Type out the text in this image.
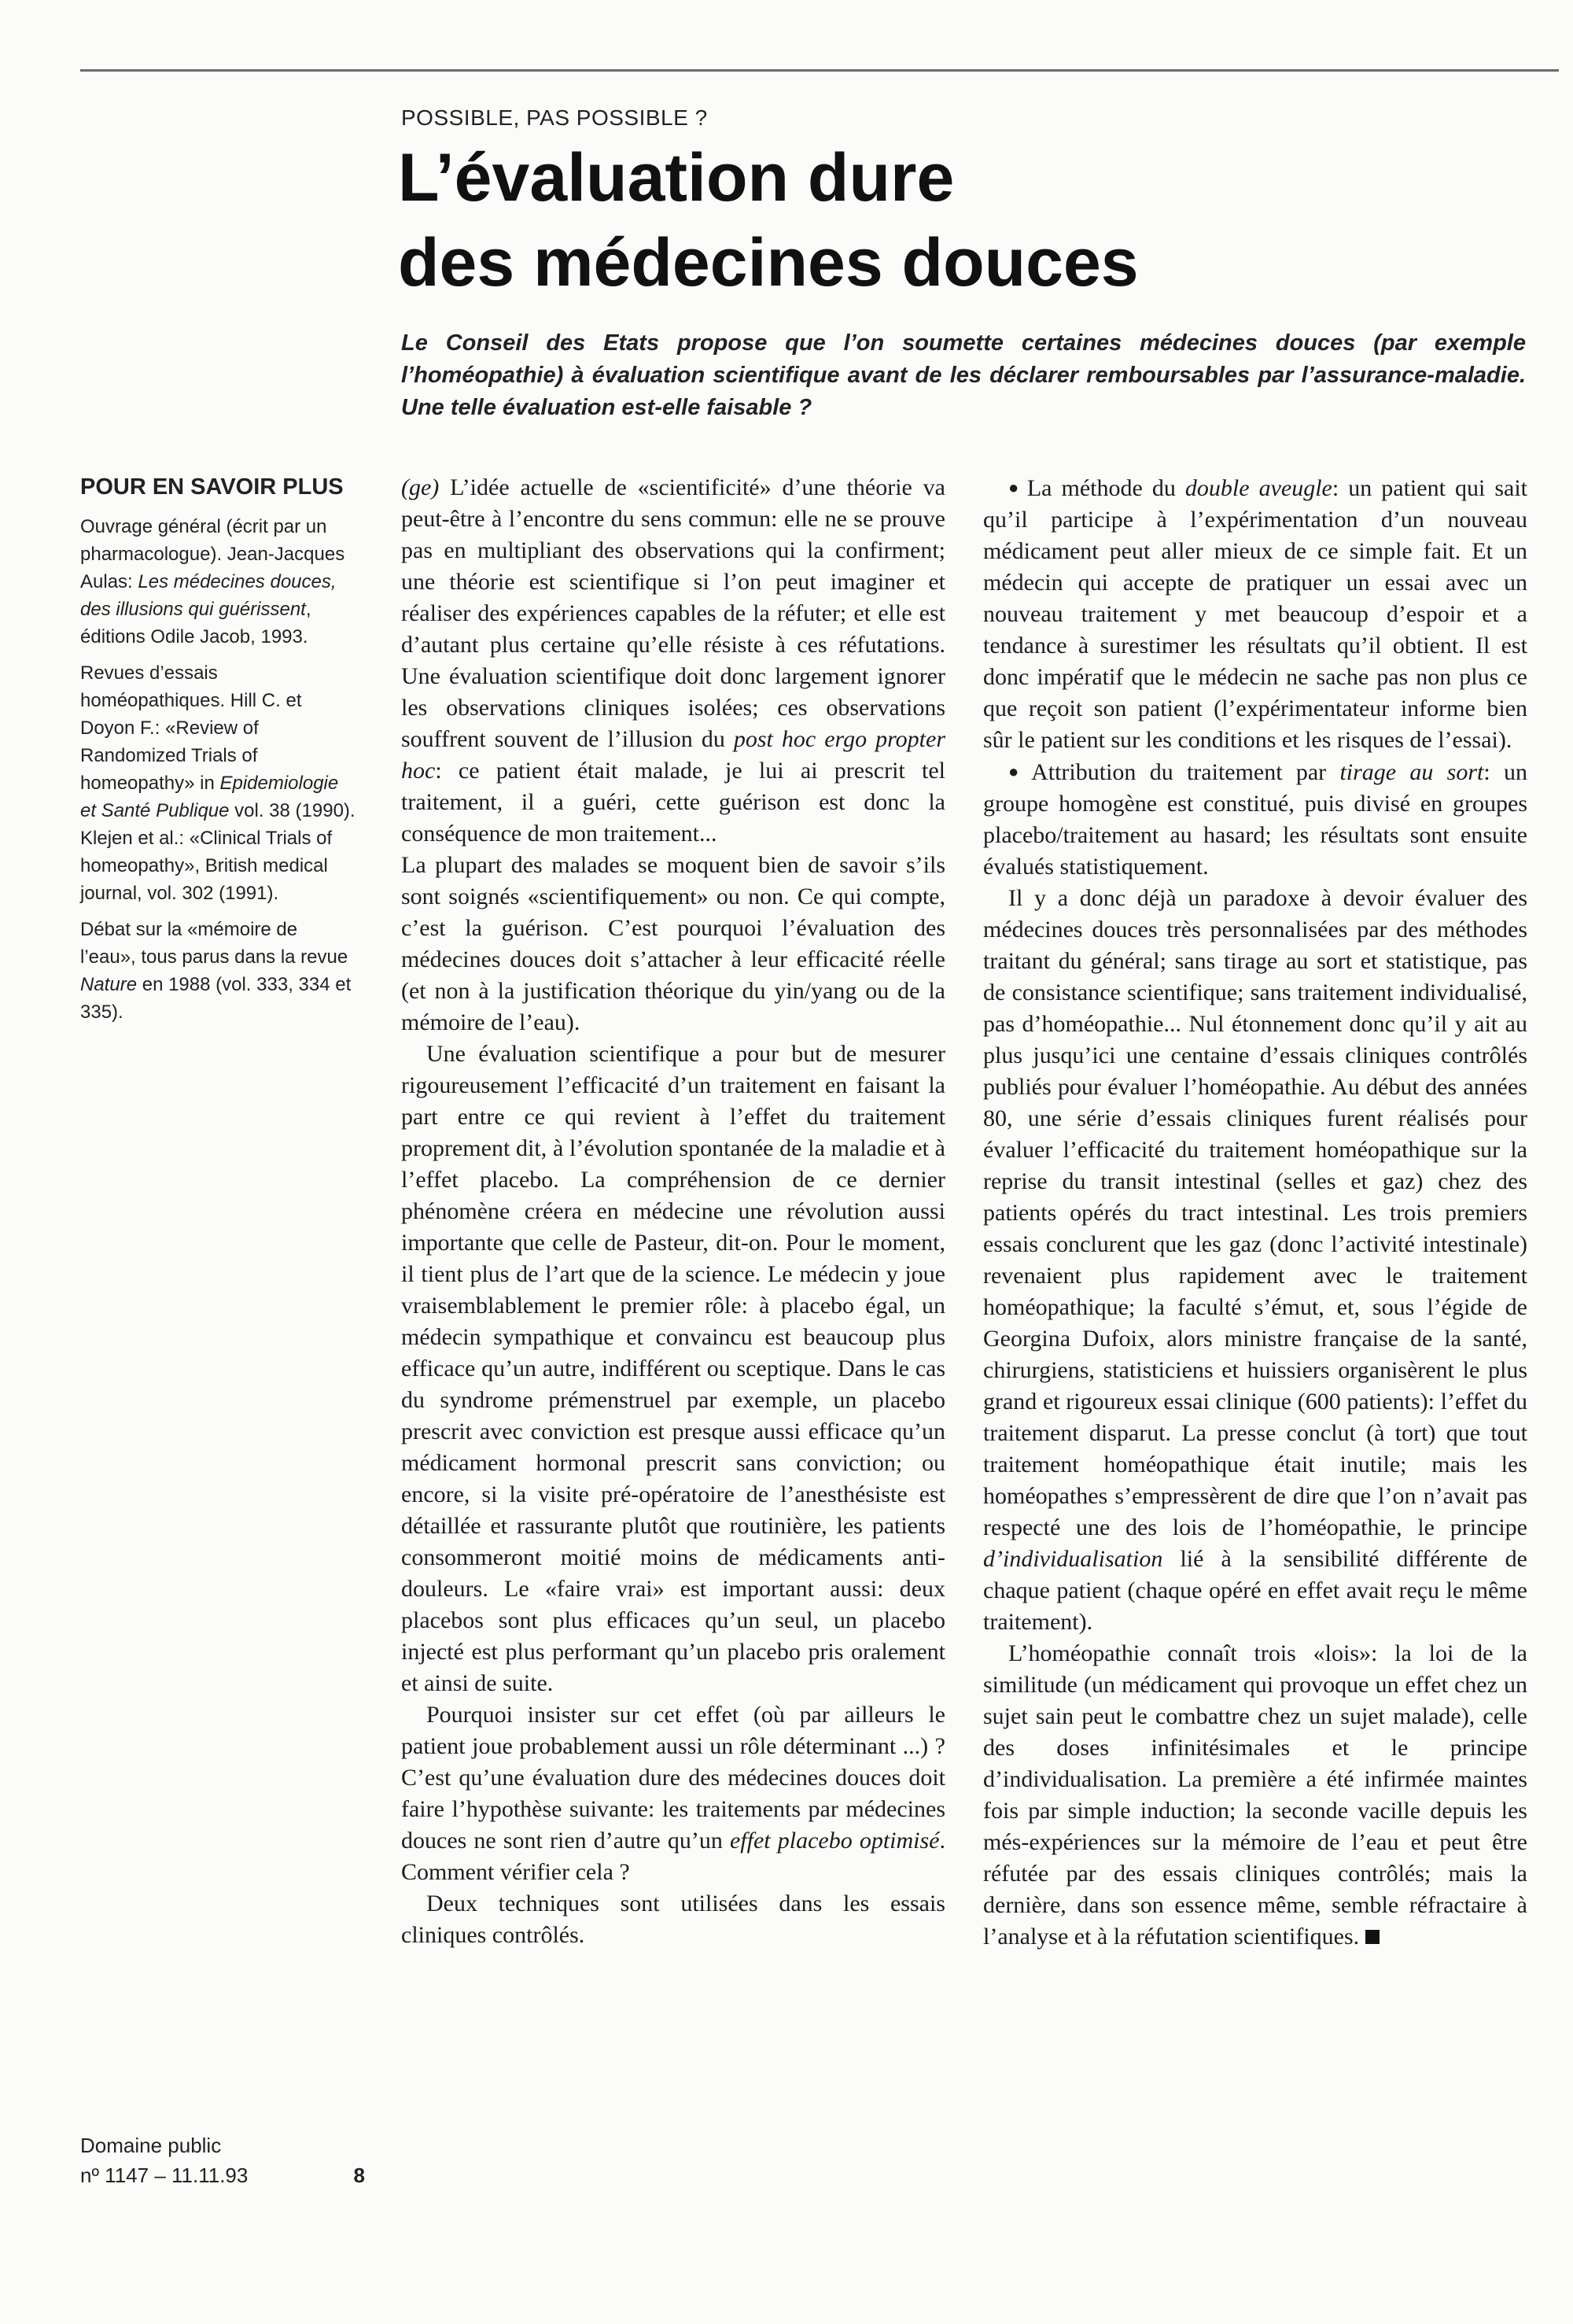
POSSIBLE, PAS POSSIBLE ?
L’évaluation dure
des médecines douces

Le Conseil des Etats propose que l’on soumette certaines médecines douces (par exemple l’homéopathie) à évaluation scientifique avant de les déclarer remboursables par l’assurance-maladie. Une telle évaluation est-elle faisable ?

POUR EN SAVOIR PLUS

Ouvrage général (écrit par un pharmacologue). Jean-Jacques Aulas: Les médecines douces, des illusions qui guérissent, éditions Odile Jacob, 1993.

Revues d’essais homéopathiques. Hill C. et Doyon F.: «Review of Randomized Trials of homeopathy» in Epidemiologie et Santé Publique vol. 38 (1990). Klejen et al.: «Clinical Trials of homeopathy», British medical journal, vol. 302 (1991).

Débat sur la «mémoire de l’eau», tous parus dans la revue Nature en 1988 (vol. 333, 334 et 335).

Domaine public
nº 1147 – 11.11.93	8

(ge) L’idée actuelle de «scientificité» d’une théorie va peut-être à l’encontre du sens commun: elle ne se prouve pas en multipliant des observations qui la confirment; une théorie est scientifique si l’on peut imaginer et réaliser des expériences capables de la réfuter; et elle est d’autant plus certaine qu’elle résiste à ces réfutations. Une évaluation scientifique doit donc largement ignorer les observations cliniques isolées; ces observations souffrent souvent de l’illusion du post hoc ergo propter hoc: ce patient était malade, je lui ai prescrit tel traitement, il a guéri, cette guérison est donc la conséquence de mon traitement...

La plupart des malades se moquent bien de savoir s’ils sont soignés «scientifiquement» ou non. Ce qui compte, c’est la guérison. C’est pourquoi l’évaluation des médecines douces doit s’attacher à leur efficacité réelle (et non à la justification théorique du yin/yang ou de la mémoire de l’eau).

Une évaluation scientifique a pour but de mesurer rigoureusement l’efficacité d’un traitement en faisant la part entre ce qui revient à l’effet du traitement proprement dit, à l’évolution spontanée de la maladie et à l’effet placebo. La compréhension de ce dernier phénomène créera en médecine une révolution aussi importante que celle de Pasteur, dit-on. Pour le moment, il tient plus de l’art que de la science. Le médecin y joue vraisemblablement le premier rôle: à placebo égal, un médecin sympathique et convaincu est beaucoup plus efficace qu’un autre, indifférent ou sceptique. Dans le cas du syndrome prémenstruel par exemple, un placebo prescrit avec conviction est presque aussi efficace qu’un médicament hormonal prescrit sans conviction; ou encore, si la visite pré-opératoire de l’anesthésiste est détaillée et rassurante plutôt que routinière, les patients consommeront moitié moins de médicaments anti-douleurs. Le «faire vrai» est important aussi: deux placebos sont plus efficaces qu’un seul, un placebo injecté est plus performant qu’un placebo pris oralement et ainsi de suite.

Pourquoi insister sur cet effet (où par ailleurs le patient joue probablement aussi un rôle déterminant ...) ? C’est qu’une évaluation dure des médecines douces doit faire l’hypothèse suivante: les traitements par médecines douces ne sont rien d’autre qu’un effet placebo optimisé. Comment vérifier cela ?

Deux techniques sont utilisées dans les essais cliniques contrôlés.

● La méthode du double aveugle: un patient qui sait qu’il participe à l’expérimentation d’un nouveau médicament peut aller mieux de ce simple fait. Et un médecin qui accepte de pratiquer un essai avec un nouveau traitement y met beaucoup d’espoir et a tendance à surestimer les résultats qu’il obtient. Il est donc impératif que le médecin ne sache pas non plus ce que reçoit son patient (l’expérimentateur informe bien sûr le patient sur les conditions et les risques de l’essai).

● Attribution du traitement par tirage au sort: un groupe homogène est constitué, puis divisé en groupes placebo/traitement au hasard; les résultats sont ensuite évalués statistiquement.

Il y a donc déjà un paradoxe à devoir évaluer des médecines douces très personnalisées par des méthodes traitant du général; sans tirage au sort et statistique, pas de consistance scientifique; sans traitement individualisé, pas d’homéopathie... Nul étonnement donc qu’il y ait au plus jusqu’ici une centaine d’essais cliniques contrôlés publiés pour évaluer l’homéopathie. Au début des années 80, une série d’essais cliniques furent réalisés pour évaluer l’efficacité du traitement homéopathique sur la reprise du transit intestinal (selles et gaz) chez des patients opérés du tract intestinal. Les trois premiers essais conclurent que les gaz (donc l’activité intestinale) revenaient plus rapidement avec le traitement homéopathique; la faculté s’émut, et, sous l’égide de Georgina Dufoix, alors ministre française de la santé, chirurgiens, statisticiens et huissiers organisèrent le plus grand et rigoureux essai clinique (600 patients): l’effet du traitement disparut. La presse conclut (à tort) que tout traitement homéopathique était inutile; mais les homéopathes s’empressèrent de dire que l’on n’avait pas respecté une des lois de l’homéopathie, le principe d’individualisation lié à la sensibilité différente de chaque patient (chaque opéré en effet avait reçu le même traitement).

L’homéopathie connaît trois «lois»: la loi de la similitude (un médicament qui provoque un effet chez un sujet sain peut le combattre chez un sujet malade), celle des doses infinitésimales et le principe d’individualisation. La première a été infirmée maintes fois par simple induction; la seconde vacille depuis les més-expériences sur la mémoire de l’eau et peut être réfutée par des essais cliniques contrôlés; mais la dernière, dans son essence même, semble réfractaire à l’analyse et à la réfutation scientifiques.
